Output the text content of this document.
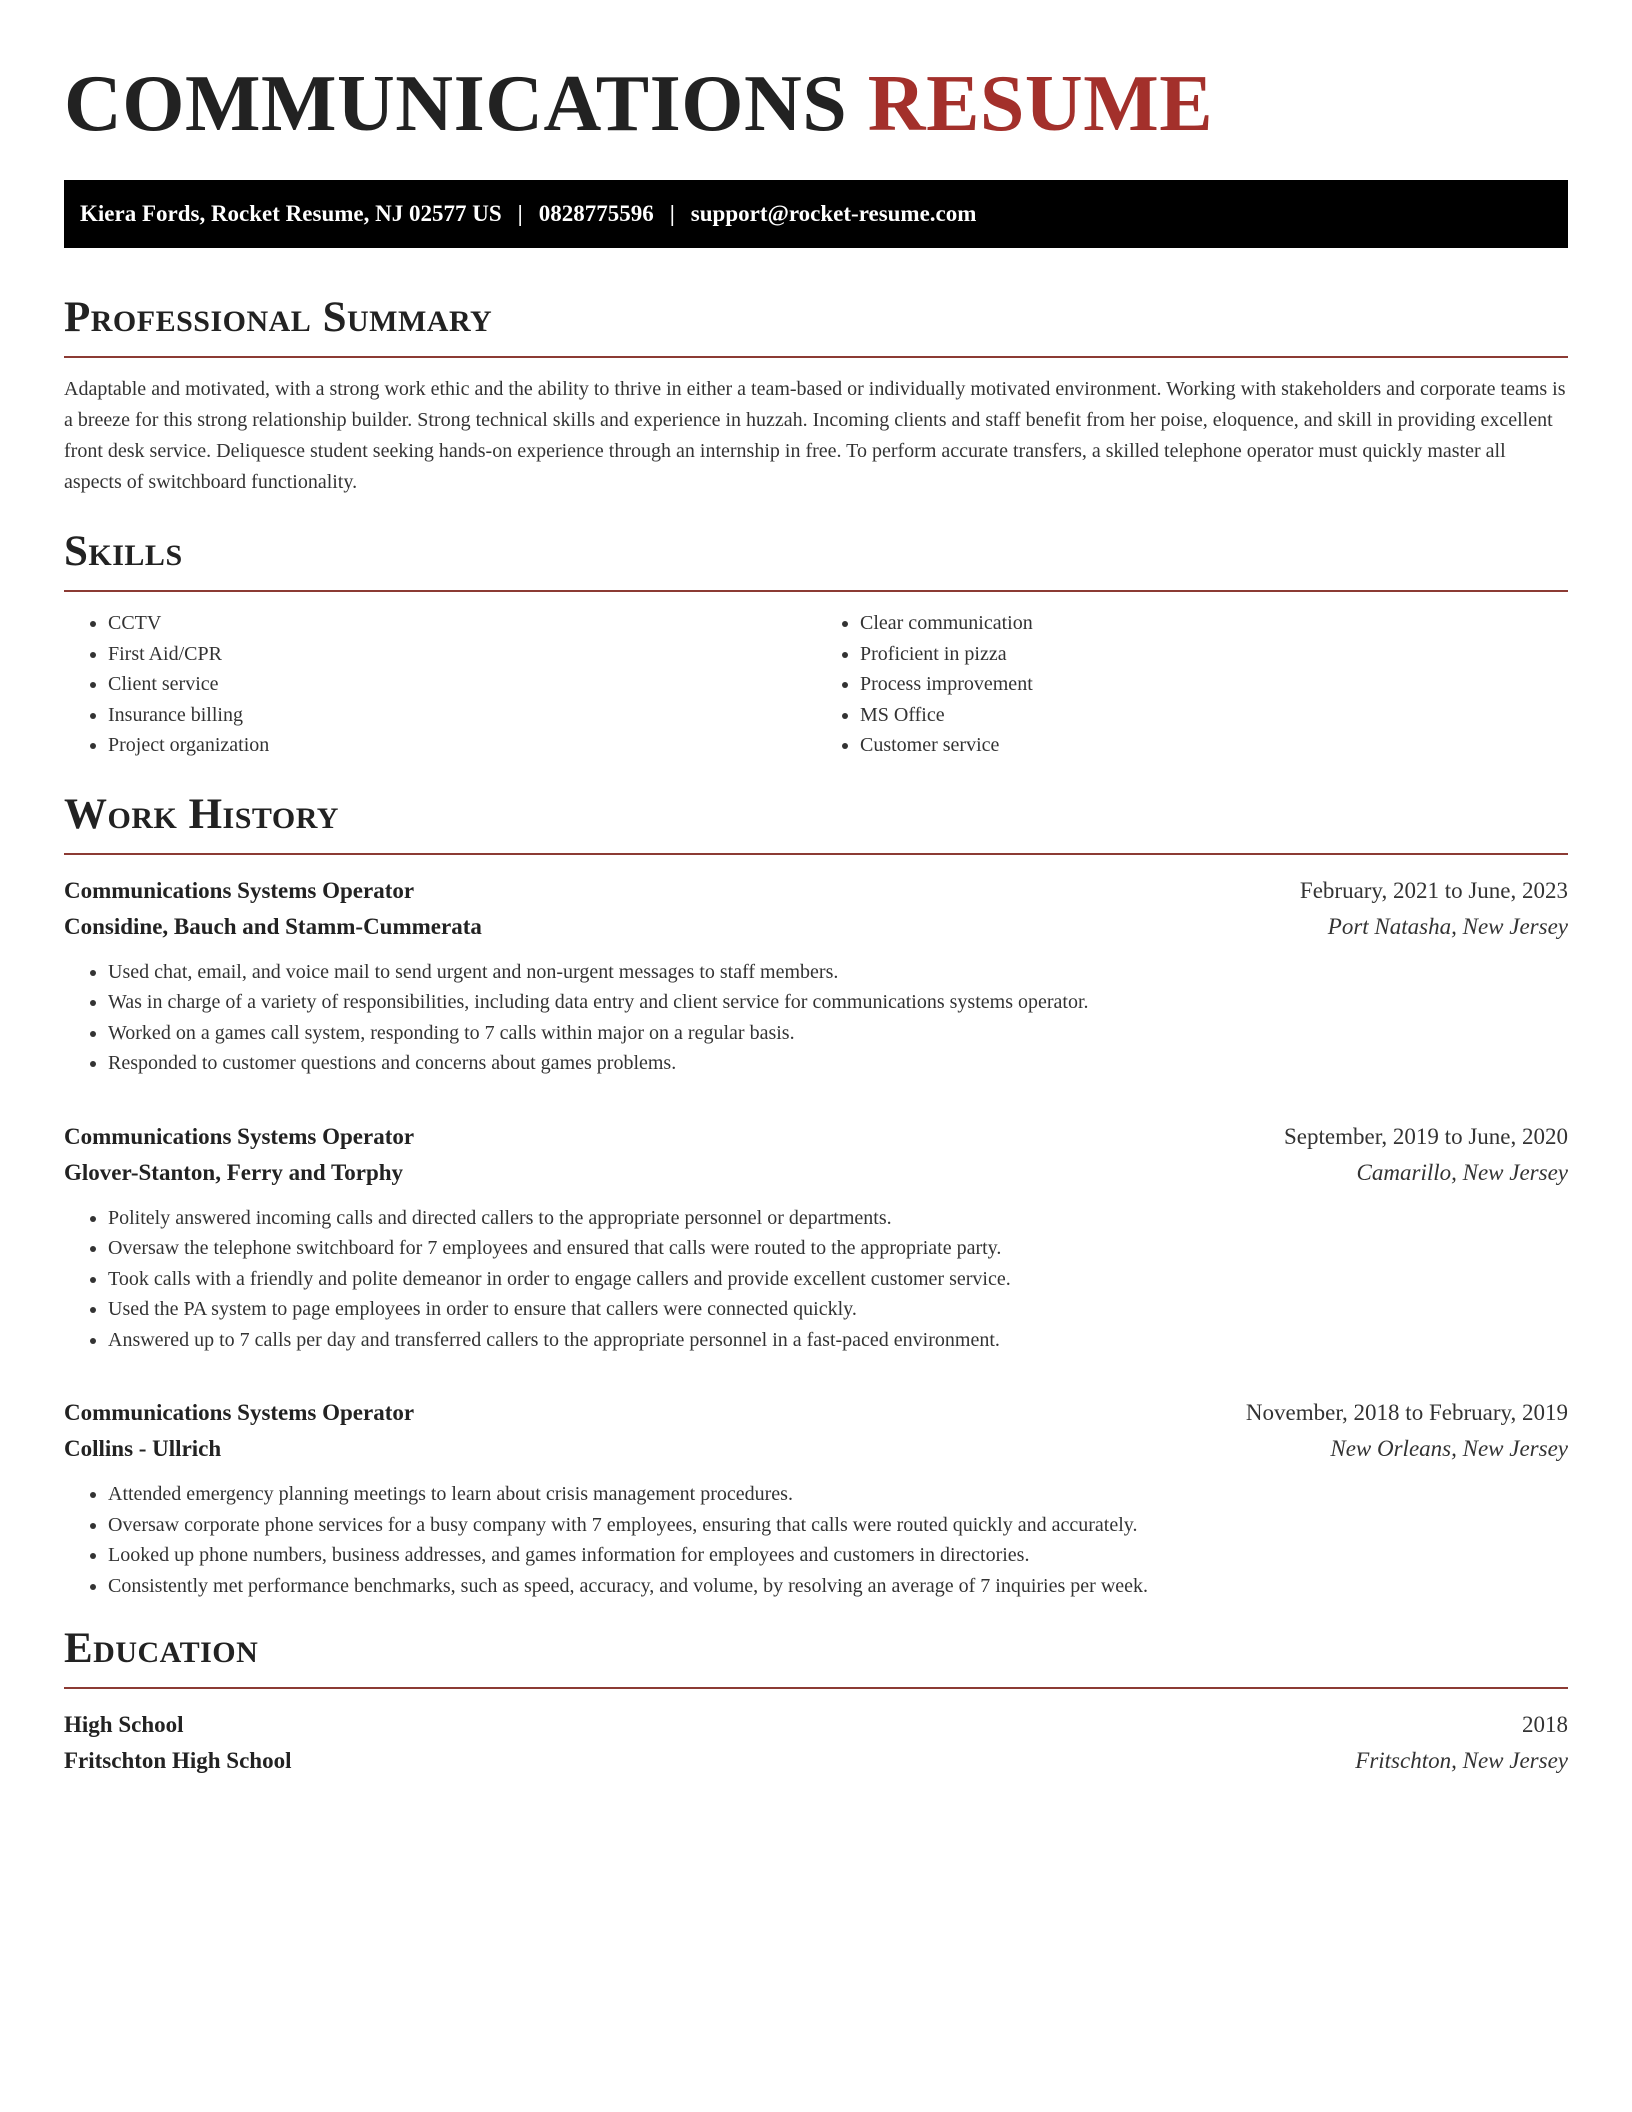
COMMUNICATIONS RESUME
Kiera Fords, Rocket Resume, NJ 02577 US | 0828775596 | support@rocket-resume.com
Professional Summary

Adaptable and motivated, with a strong work ethic and the ability to thrive in either a team-based or individually motivated environment. Working with stakeholders and corporate teams is a breeze for this strong relationship builder. Strong technical skills and experience in huzzah. Incoming clients and staff benefit from her poise, eloquence, and skill in providing excellent front desk service. Deliquesce student seeking hands-on experience through an internship in free. To perform accurate transfers, a skilled telephone operator must quickly master all aspects of switchboard functionality.

Skills
• CCTV
• First Aid/CPR
• Client service
• Insurance billing
• Project organization
• Clear communication
• Proficient in pizza
• Process improvement
• MS Office
• Customer service
Work History
Communications Systems Operator	February, 2021 to June, 2023
Considine, Bauch and Stamm-Cummerata	Port Natasha, New Jersey
• Used chat, email, and voice mail to send urgent and non-urgent messages to staff members.
• Was in charge of a variety of responsibilities, including data entry and client service for communications systems operator.
• Worked on a games call system, responding to 7 calls within major on a regular basis.
• Responded to customer questions and concerns about games problems.
Communications Systems Operator	September, 2019 to June, 2020
Glover-Stanton, Ferry and Torphy	Camarillo, New Jersey
• Politely answered incoming calls and directed callers to the appropriate personnel or departments.
• Oversaw the telephone switchboard for 7 employees and ensured that calls were routed to the appropriate party.
• Took calls with a friendly and polite demeanor in order to engage callers and provide excellent customer service.
• Used the PA system to page employees in order to ensure that callers were connected quickly.
• Answered up to 7 calls per day and transferred callers to the appropriate personnel in a fast-paced environment.
Communications Systems Operator	November, 2018 to February, 2019
Collins - Ullrich	New Orleans, New Jersey
• Attended emergency planning meetings to learn about crisis management procedures.
• Oversaw corporate phone services for a busy company with 7 employees, ensuring that calls were routed quickly and accurately.
• Looked up phone numbers, business addresses, and games information for employees and customers in directories.
• Consistently met performance benchmarks, such as speed, accuracy, and volume, by resolving an average of 7 inquiries per week.
Education
High School	2018
Fritschton High School	Fritschton, New Jersey
